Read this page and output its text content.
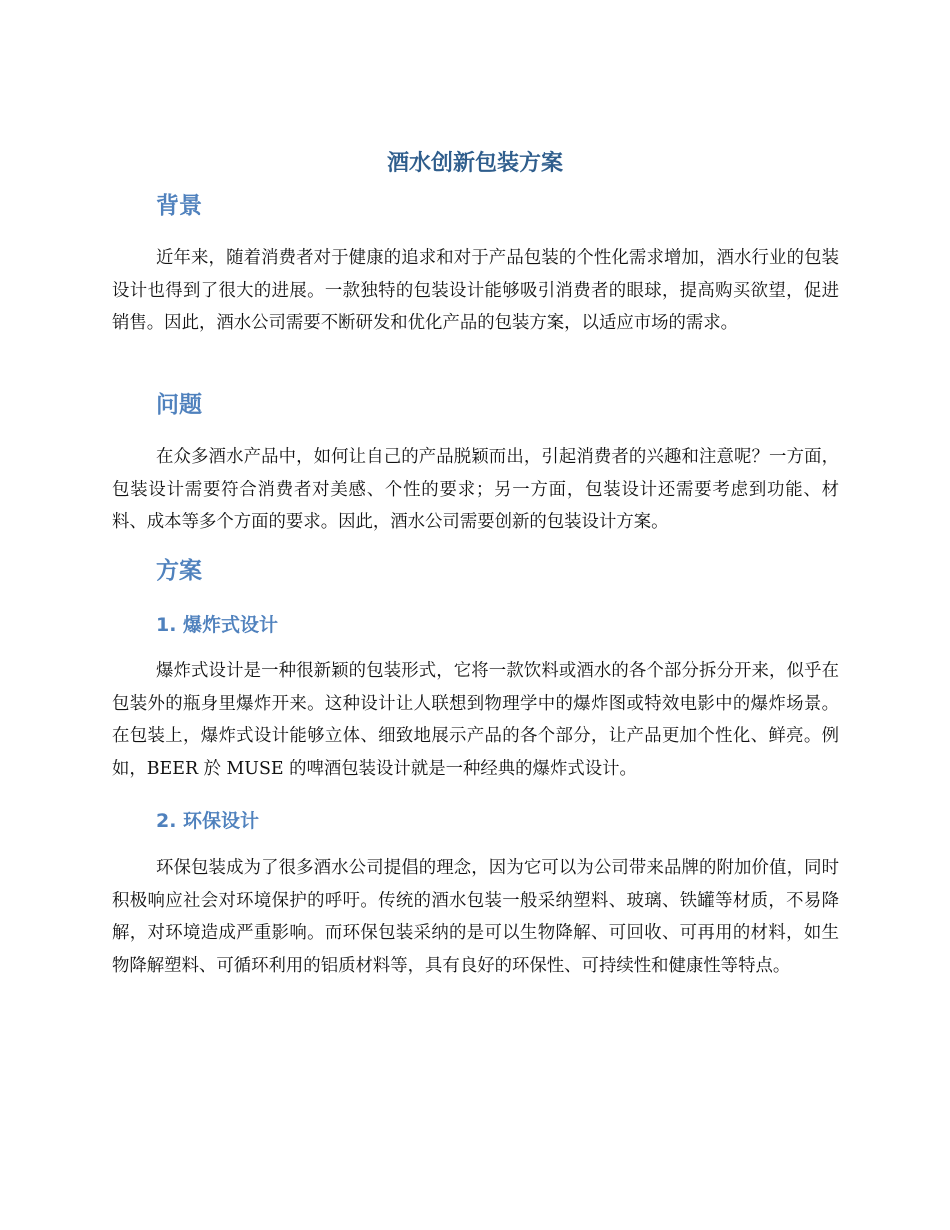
酒水创新包装方案
背景

近年来，随着消费者对于健康的追求和对于产品包装的个性化需求增加，酒水行业的包装设计也得到了很大的进展。一款独特的包装设计能够吸引消费者的眼球，提高购买欲望，促进销售。因此，酒水公司需要不断研发和优化产品的包装方案，以适应市场的需求。

问题

在众多酒水产品中，如何让自己的产品脱颖而出，引起消费者的兴趣和注意呢？一方面，包装设计需要符合消费者对美感、个性的要求；另一方面，包装设计还需要考虑到功能、材料、成本等多个方面的要求。因此，酒水公司需要创新的包装设计方案。

方案
1. 爆炸式设计

爆炸式设计是一种很新颖的包装形式，它将一款饮料或酒水的各个部分拆分开来，似乎在包装外的瓶身里爆炸开来。这种设计让人联想到物理学中的爆炸图或特效电影中的爆炸场景。在包装上，爆炸式设计能够立体、细致地展示产品的各个部分，让产品更加个性化、鲜亮。例如，BEER 於 MUSE 的啤酒包装设计就是一种经典的爆炸式设计。

2. 环保设计

环保包装成为了很多酒水公司提倡的理念，因为它可以为公司带来品牌的附加价值，同时积极响应社会对环境保护的呼吁。传统的酒水包装一般采纳塑料、玻璃、铁罐等材质，不易降解，对环境造成严重影响。而环保包装采纳的是可以生物降解、可回收、可再用的材料，如生物降解塑料、可循环利用的铝质材料等，具有良好的环保性、可持续性和健康性等特点。
